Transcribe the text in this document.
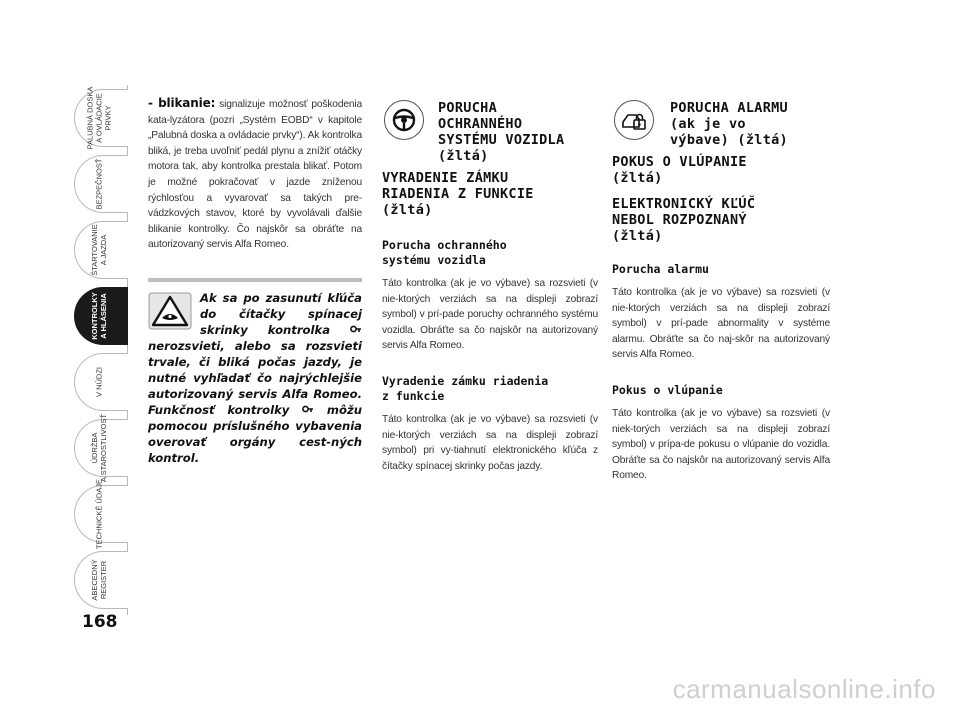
PALUBNÁ DOSKA
A OVLÁDACIE PRVKY
BEZPEČNOSŤ
ŠTARTOVANIE
A JAZDA
KONTROLKY
A HLÁSENIA
V NÚDZI
ÚDRŽBA
A STAROSTLIVOSŤ
TECHNICKÉ ÚDAJE
ABECEDNÝ
REGISTER
168

- blikanie: signalizuje možnosť poškodenia kata-lyzátora (pozri „Systém EOBD“ v kapitole „Palubná doska a ovládacie prvky“). Ak kontrolka bliká, je treba uvoľniť pedál plynu a znížiť otáčky motora tak, aby kontrolka prestala blikať. Potom je možné pokračovať v jazde zníženou rýchlosťou a vyvarovať sa takých pre-vádzkových stavov, ktoré by vyvolávali ďalšie blikanie kontrolky. Čo najskôr sa obráťte na autorizovaný servis Alfa Romeo.

Ak sa po zasunutí kľúča do čítačky spínacej skrinky kontrolka  nerozsvieti, alebo sa rozsvieti trvale, či bliká počas jazdy, je nutné vyhľadať čo najrýchlejšie autorizovaný servis Alfa Romeo. Funkčnosť kontrolky  môžu pomocou príslušného vybavenia overovať orgány cest-ných kontrol.

PORUCHA
OCHRANNÉHO
SYSTÉMU VOZIDLA
(žltá)
VYRADENIE ZÁMKU
RIADENIA Z FUNKCIE
(žltá)
Porucha ochranného
systému vozidla

Táto kontrolka (ak je vo výbave) sa rozsvieti (v nie-ktorých verziách sa na displeji zobrazí symbol) v prí-pade poruchy ochranného systému vozidla. Obráťte sa čo najskôr na autorizovaný servis Alfa Romeo.

Vyradenie zámku riadenia
z funkcie

Táto kontrolka (ak je vo výbave) sa rozsvieti (v nie-ktorých verziách sa na displeji zobrazí symbol) pri vy-tiahnutí elektronického kľúča z čítačky spínacej skrinky počas jazdy.

PORUCHA ALARMU
(ak je vo
výbave) (žltá)
POKUS O VLÚPANIE
(žltá)
ELEKTRONICKÝ KĽÚČ
NEBOL ROZPOZNANÝ
(žltá)
Porucha alarmu

Táto kontrolka (ak je vo výbave) sa rozsvieti (v nie-ktorých verziách sa na displeji zobrazí symbol) v prí-pade abnormality v systéme alarmu. Obráťte sa čo naj-skôr na autorizovaný servis Alfa Romeo.

Pokus o vlúpanie

Táto kontrolka (ak je vo výbave) sa rozsvieti (v niek-torých verziách sa na displeji zobrazí symbol) v prípa-de pokusu o vlúpanie do vozidla. Obráťte sa čo najskôr na autorizovaný servis Alfa Romeo.

carmanualsonline.info
